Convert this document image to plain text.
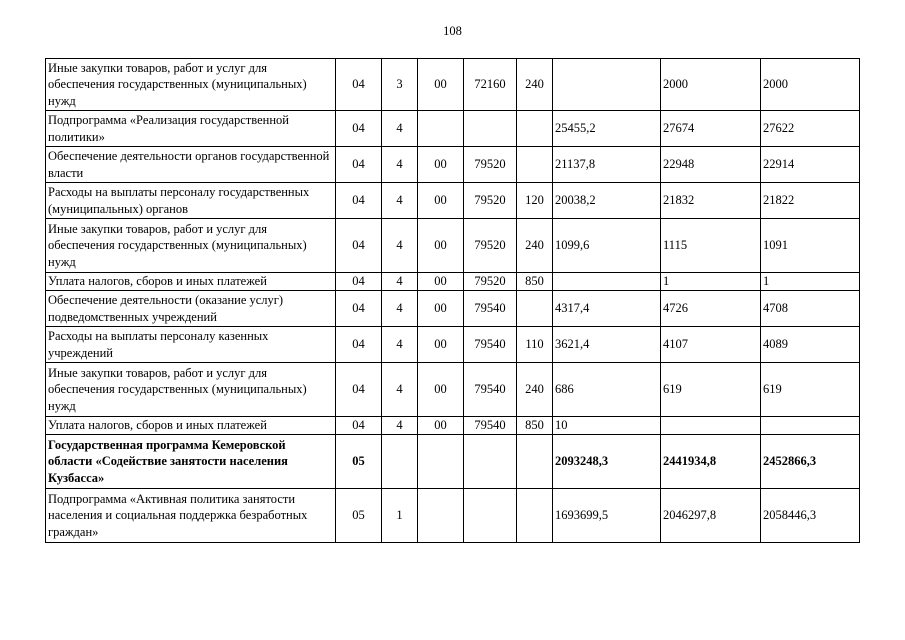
108
Иные закупки товаров, работ и услуг для обеспечения государственных (муниципальных) нужд	04	3	00	72160	240		2000	2000
Подпрограмма «Реализация государственной политики»	04	4				25455,2	27674	27622
Обеспечение деятельности органов государственной власти	04	4	00	79520		21137,8	22948	22914
Расходы на выплаты персоналу государственных (муниципальных) органов	04	4	00	79520	120	20038,2	21832	21822
Иные закупки товаров, работ и услуг для обеспечения государственных (муниципальных) нужд	04	4	00	79520	240	1099,6	1115	1091
Уплата налогов, сборов и иных платежей	04	4	00	79520	850		1	1
Обеспечение деятельности (оказание услуг) подведомственных учреждений	04	4	00	79540		4317,4	4726	4708
Расходы на выплаты персоналу казенных учреждений	04	4	00	79540	110	3621,4	4107	4089
Иные закупки товаров, работ и услуг для обеспечения государственных (муниципальных) нужд	04	4	00	79540	240	686	619	619
Уплата налогов, сборов и иных платежей	04	4	00	79540	850	10		
Государственная программа Кемеровской области «Содействие занятости населения Кузбасса»	05					2093248,3	2441934,8	2452866,3
Подпрограмма «Активная политика занятости населения и социальная поддержка безработных граждан»	05	1				1693699,5	2046297,8	2058446,3
